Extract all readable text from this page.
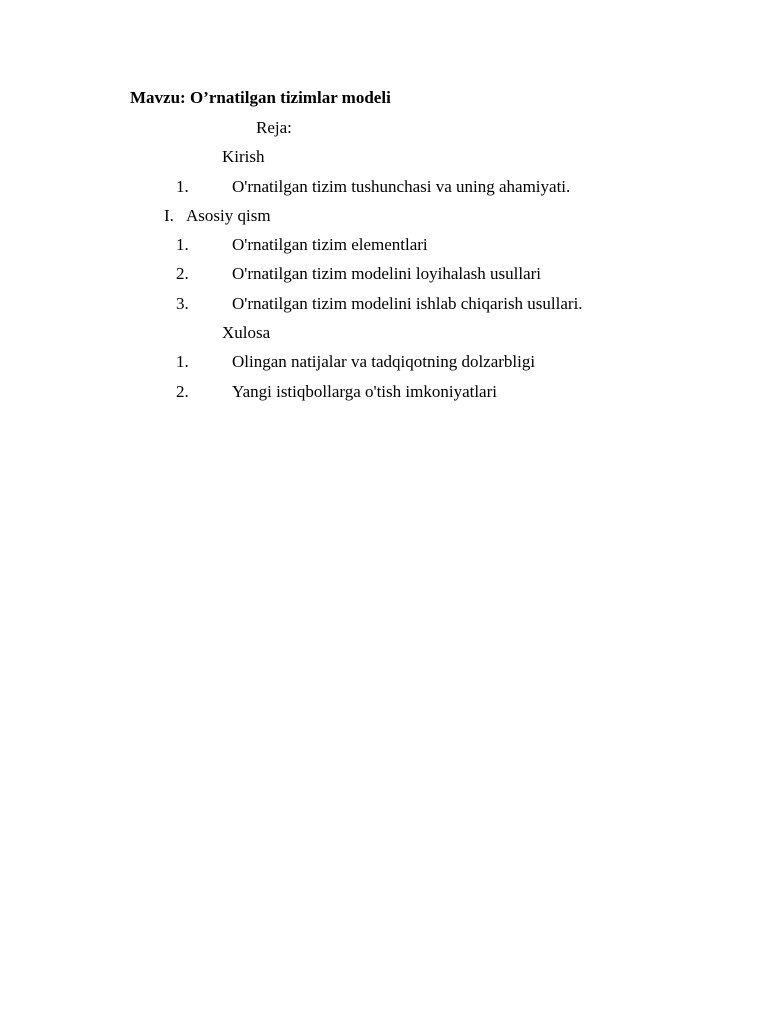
Mavzu: O’rnatilgan tizimlar modeli
Reja:
Kirish
1.	O'rnatilgan tizim tushunchasi va uning ahamiyati.
I. Asosiy qism
1.	O'rnatilgan tizim elementlari
2.	O'rnatilgan tizim modelini loyihalash usullari
3.	O'rnatilgan tizim modelini ishlab chiqarish usullari.
Xulosa
1.	Olingan natijalar va tadqiqotning dolzarbligi
2.	Yangi istiqbollarga o'tish imkoniyatlari
